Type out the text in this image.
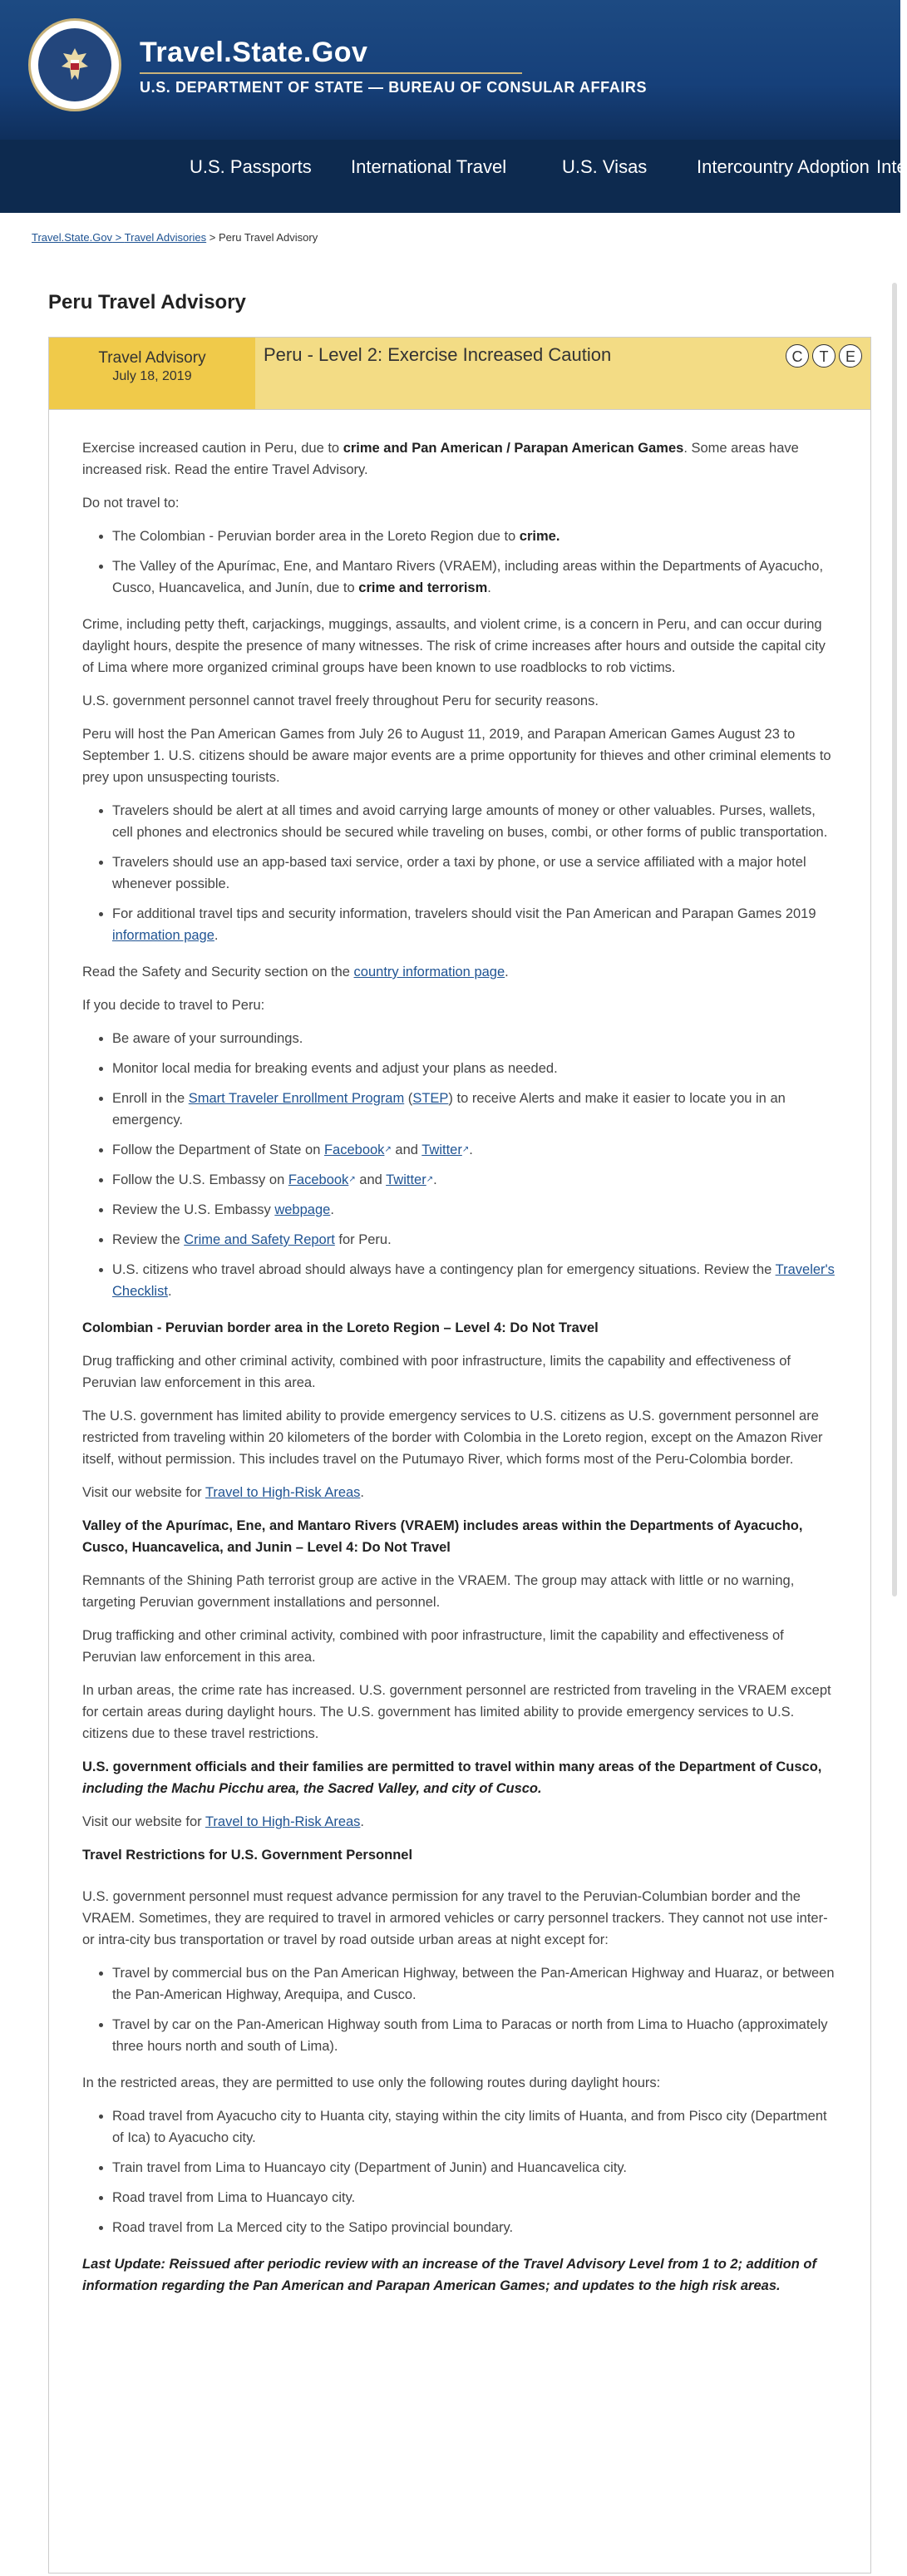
Travel.State.Gov
U.S. DEPARTMENT OF STATE — BUREAU OF CONSULAR AFFAIRS
U.S. Passports International Travel	U.S. Visas	Intercountry Adoption Inte
Travel.State.Gov > Travel Advisories > Peru Travel Advisory
Peru Travel Advisory
Travel Advisory
July 18, 2019
Peru - Level 2: Exercise Increased Caution	C	T	E

Exercise increased caution in Peru, due to crime and Pan American / Parapan American Games. Some areas have increased risk. Read the entire Travel Advisory.

Do not travel to:

• The Colombian - Peruvian border area in the Loreto Region due to crime.
• The Valley of the Apurímac, Ene, and Mantaro Rivers (VRAEM), including areas within the Departments of Ayacucho, Cusco, Huancavelica, and Junín, due to crime and terrorism.

Crime, including petty theft, carjackings, muggings, assaults, and violent crime, is a concern in Peru, and can occur during daylight hours, despite the presence of many witnesses. The risk of crime increases after hours and outside the capital city of Lima where more organized criminal groups have been known to use roadblocks to rob victims.

U.S. government personnel cannot travel freely throughout Peru for security reasons.

Peru will host the Pan American Games from July 26 to August 11, 2019, and Parapan American Games August 23 to September 1. U.S. citizens should be aware major events are a prime opportunity for thieves and other criminal elements to prey upon unsuspecting tourists.

• Travelers should be alert at all times and avoid carrying large amounts of money or other valuables. Purses, wallets, cell phones and electronics should be secured while traveling on buses, combi, or other forms of public transportation.
• Travelers should use an app-based taxi service, order a taxi by phone, or use a service affiliated with a major hotel whenever possible.
• For additional travel tips and security information, travelers should visit the Pan American and Parapan Games 2019 information page.

Read the Safety and Security section on the country information page.

If you decide to travel to Peru:

• Be aware of your surroundings.
• Monitor local media for breaking events and adjust your plans as needed.
• Enroll in the Smart Traveler Enrollment Program (STEP) to receive Alerts and make it easier to locate you in an emergency.
• Follow the Department of State on Facebook↗ and Twitter↗.
• Follow the U.S. Embassy on Facebook↗ and Twitter↗.
• Review the U.S. Embassy webpage.
• Review the Crime and Safety Report for Peru.
• U.S. citizens who travel abroad should always have a contingency plan for emergency situations. Review the Traveler's Checklist.

Colombian - Peruvian border area in the Loreto Region – Level 4: Do Not Travel

Drug trafficking and other criminal activity, combined with poor infrastructure, limits the capability and effectiveness of Peruvian law enforcement in this area.

The U.S. government has limited ability to provide emergency services to U.S. citizens as U.S. government personnel are restricted from traveling within 20 kilometers of the border with Colombia in the Loreto region, except on the Amazon River itself, without permission. This includes travel on the Putumayo River, which forms most of the Peru-Colombia border.

Visit our website for Travel to High-Risk Areas.

Valley of the Apurímac, Ene, and Mantaro Rivers (VRAEM) includes areas within the Departments of Ayacucho, Cusco, Huancavelica, and Junin – Level 4: Do Not Travel

Remnants of the Shining Path terrorist group are active in the VRAEM. The group may attack with little or no warning, targeting Peruvian government installations and personnel.

Drug trafficking and other criminal activity, combined with poor infrastructure, limit the capability and effectiveness of Peruvian law enforcement in this area.

In urban areas, the crime rate has increased. U.S. government personnel are restricted from traveling in the VRAEM except for certain areas during daylight hours. The U.S. government has limited ability to provide emergency services to U.S. citizens due to these travel restrictions.

U.S. government officials and their families are permitted to travel within many areas of the Department of Cusco, including the Machu Picchu area, the Sacred Valley, and city of Cusco.

Visit our website for Travel to High-Risk Areas.

Travel Restrictions for U.S. Government Personnel

U.S. government personnel must request advance permission for any travel to the Peruvian-Columbian border and the VRAEM. Sometimes, they are required to travel in armored vehicles or carry personnel trackers. They cannot not use inter- or intra-city bus transportation or travel by road outside urban areas at night except for:

• Travel by commercial bus on the Pan American Highway, between the Pan-American Highway and Huaraz, or between the Pan-American Highway, Arequipa, and Cusco.
• Travel by car on the Pan-American Highway south from Lima to Paracas or north from Lima to Huacho (approximately three hours north and south of Lima).

In the restricted areas, they are permitted to use only the following routes during daylight hours:

• Road travel from Ayacucho city to Huanta city, staying within the city limits of Huanta, and from Pisco city (Department of Ica) to Ayacucho city.
• Train travel from Lima to Huancayo city (Department of Junin) and Huancavelica city.
• Road travel from Lima to Huancayo city.
• Road travel from La Merced city to the Satipo provincial boundary.

Last Update: Reissued after periodic review with an increase of the Travel Advisory Level from 1 to 2; addition of information regarding the Pan American and Parapan American Games; and updates to the high risk areas.
